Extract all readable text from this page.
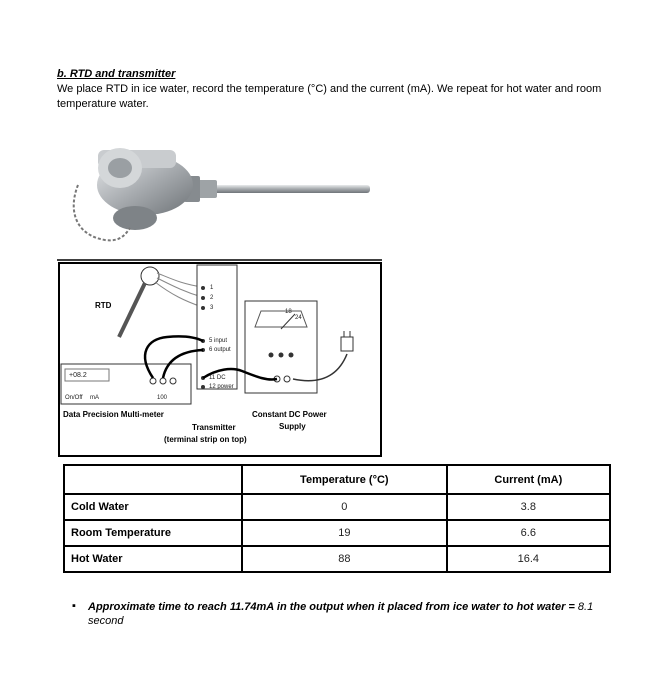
b. RTD and transmitter
We place RTD in ice water, record the temperature (°C) and the current (mA). We repeat for hot water and room temperature water.
RTD
1
2
3
5 input
6 output
11 DC
12 power
18
24
+08.2
On/Off mA	100
Data Precision Multi-meter	Constant DC Power
Supply
Transmitter
(terminal strip on top)
	Temperature (°C)	Current (mA)
Cold Water	0	3.8
Room Temperature	19	6.6
Hot Water	88	16.4
▪ Approximate time to reach 11.74mA in the output when it placed from ice water to hot water = 8.1 second
